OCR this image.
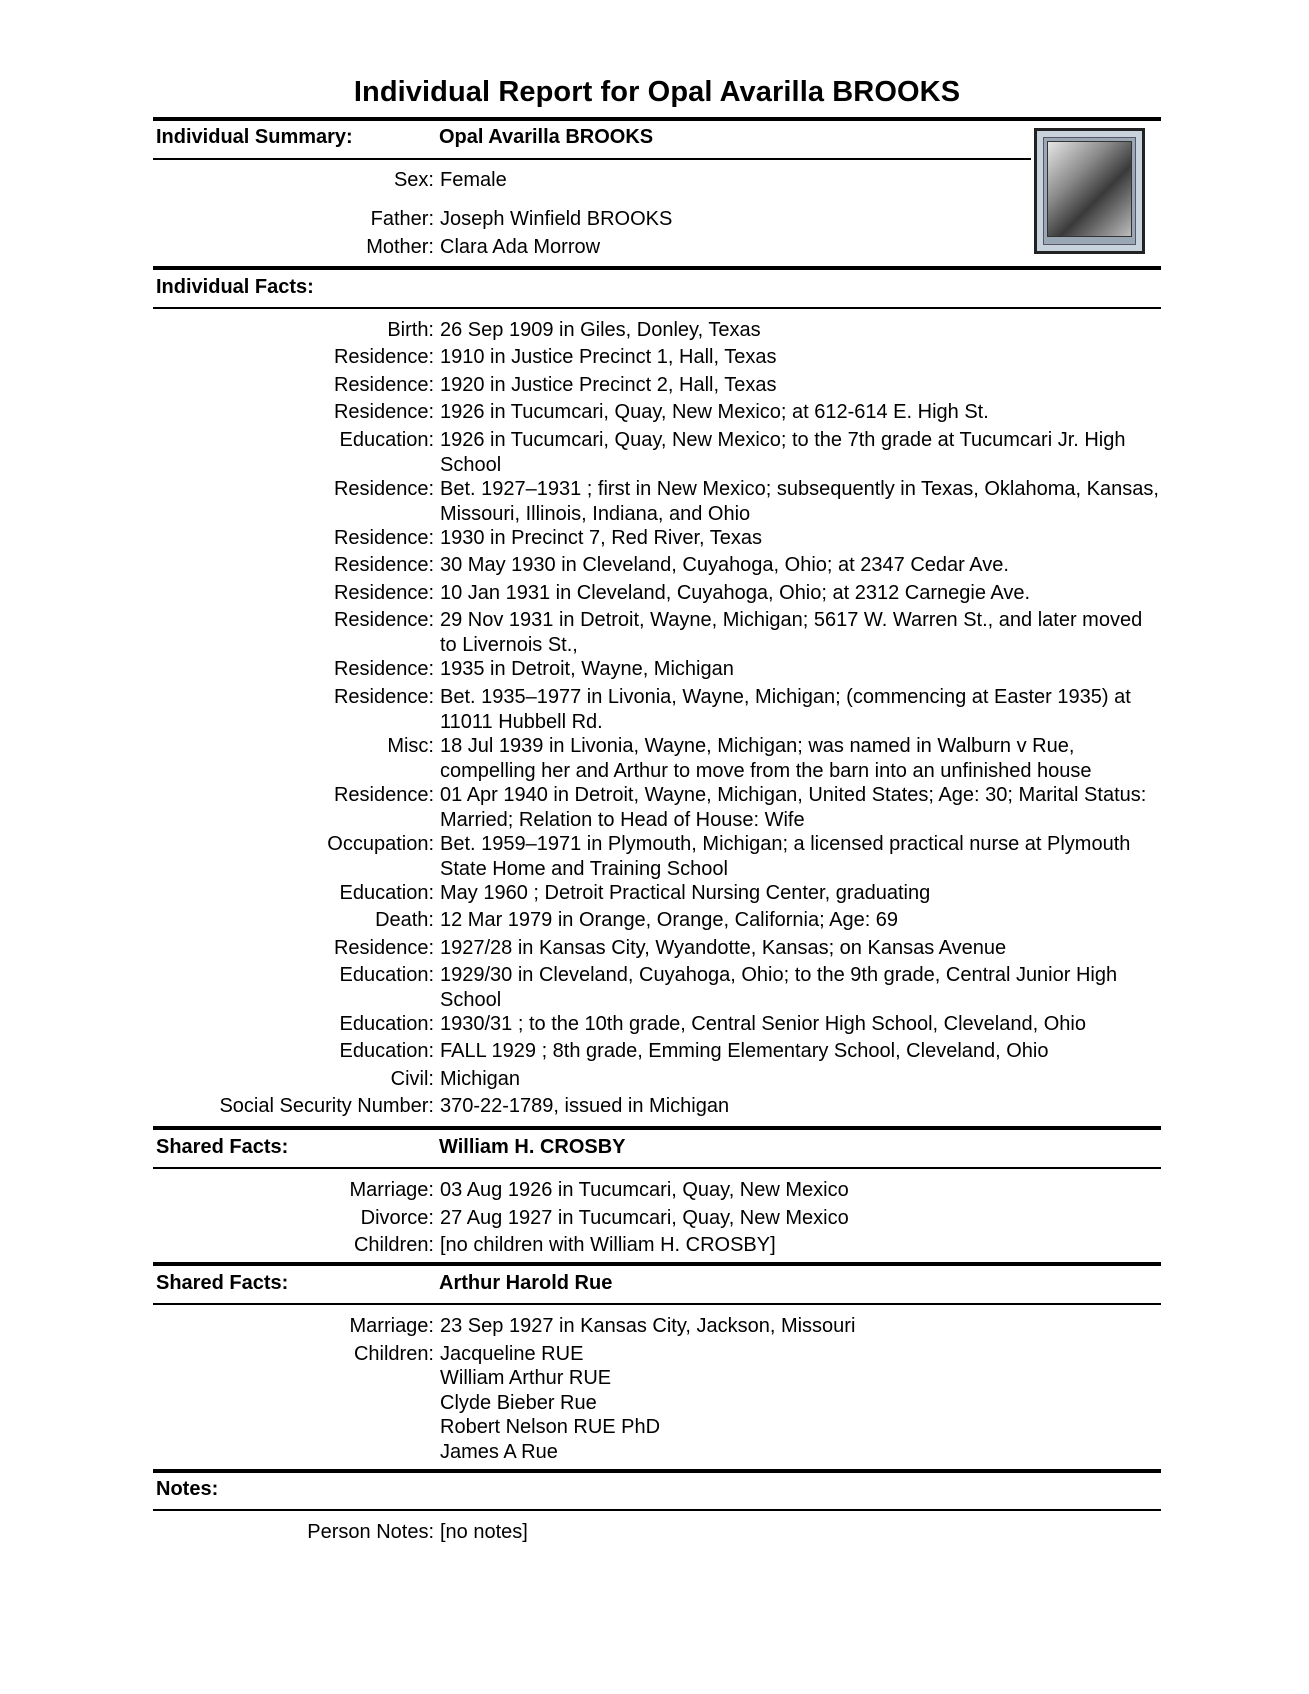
Individual Report for Opal Avarilla BROOKS
Individual Summary:	Opal Avarilla BROOKS
Sex: Female
Father: Joseph Winfield BROOKS
Mother: Clara Ada Morrow
Individual Facts:
Birth: 26 Sep 1909 in Giles, Donley, Texas
Residence: 1910 in Justice Precinct 1, Hall, Texas
Residence: 1920 in Justice Precinct 2, Hall, Texas
Residence: 1926 in Tucumcari, Quay, New Mexico; at 612-614 E. High St.
Education: 1926 in Tucumcari, Quay, New Mexico; to the 7th grade at Tucumcari Jr. High School
Residence: Bet. 1927–1931 ; first in New Mexico; subsequently in Texas, Oklahoma, Kansas, Missouri, Illinois, Indiana, and Ohio
Residence: 1930 in Precinct 7, Red River, Texas
Residence: 30 May 1930 in Cleveland, Cuyahoga, Ohio; at 2347 Cedar Ave.
Residence: 10 Jan 1931 in Cleveland, Cuyahoga, Ohio; at 2312 Carnegie Ave.
Residence: 29 Nov 1931 in Detroit, Wayne, Michigan; 5617 W. Warren St., and later moved to Livernois St.,
Residence: 1935 in Detroit, Wayne, Michigan
Residence: Bet. 1935–1977 in Livonia, Wayne, Michigan; (commencing at Easter 1935) at 11011 Hubbell Rd.
Misc: 18 Jul 1939 in Livonia, Wayne, Michigan; was named in Walburn v Rue, compelling her and Arthur to move from the barn into an unfinished house
Residence: 01 Apr 1940 in Detroit, Wayne, Michigan, United States; Age: 30; Marital Status: Married; Relation to Head of House: Wife
Occupation: Bet. 1959–1971 in Plymouth, Michigan; a licensed practical nurse at Plymouth State Home and Training School
Education: May 1960 ; Detroit Practical Nursing Center, graduating
Death: 12 Mar 1979 in Orange, Orange, California; Age: 69
Residence: 1927/28 in Kansas City, Wyandotte, Kansas; on Kansas Avenue
Education: 1929/30 in Cleveland, Cuyahoga, Ohio; to the 9th grade, Central Junior High School
Education: 1930/31 ; to the 10th grade, Central Senior High School, Cleveland, Ohio
Education: FALL 1929 ; 8th grade, Emming Elementary School, Cleveland, Ohio
Civil: Michigan
Social Security Number: 370-22-1789, issued in Michigan
Shared Facts:	William H. CROSBY
Marriage: 03 Aug 1926 in Tucumcari, Quay, New Mexico
Divorce: 27 Aug 1927 in Tucumcari, Quay, New Mexico
Children: [no children with William H. CROSBY]
Shared Facts:	Arthur Harold Rue
Marriage: 23 Sep 1927 in Kansas City, Jackson, Missouri
Children: Jacqueline RUE
William Arthur RUE
Clyde Bieber Rue
Robert Nelson RUE PhD
James A Rue
Notes:
Person Notes: [no notes]
